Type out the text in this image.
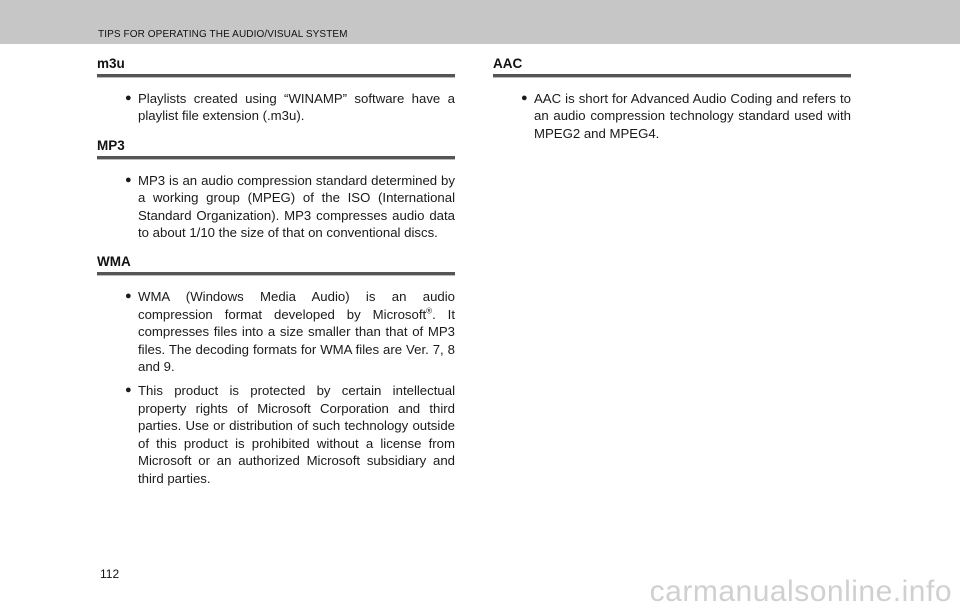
TIPS FOR OPERATING THE AUDIO/VISUAL SYSTEM
m3u

● Playlists created using “WINAMP” software have a playlist file extension (.m3u).

MP3

● MP3 is an audio compression standard determined by a working group (MPEG) of the ISO (International Standard Organization). MP3 compresses audio data to about 1/10 the size of that on conventional discs.

WMA

● WMA (Windows Media Audio) is an audio compression format developed by Microsoft®. It compresses files into a size smaller than that of MP3 files. The decoding formats for WMA files are Ver. 7, 8 and 9.

● This product is protected by certain intellectual property rights of Microsoft Corporation and third parties. Use or distribution of such technology outside of this product is prohibited without a license from Microsoft or an authorized Microsoft subsidiary and third parties.

AAC

● AAC is short for Advanced Audio Coding and refers to an audio compression technology standard used with MPEG2 and MPEG4.

112
carmanualsonline.info
